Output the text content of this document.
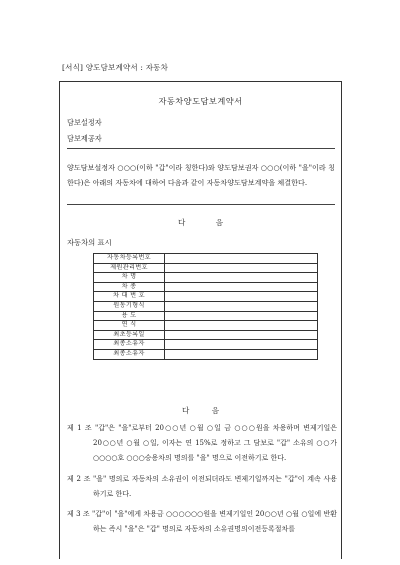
[서식] 양도담보계약서 : 자동차
자동차양도담보계약서
담보설정자
담보제공자
양도담보설정자 ○○○(이하 "갑"이라 칭한다)와 양도담보권자 ○○○(이하 "을"이라 칭한다)은 아래의 자동차에 대하여 다음과 같이 자동차양도담보계약을 체결한다.
다 음
자동차의 표시
자동차등록번호	
제원관리번호	
차 명	
차 종	
차 대 번 호	
원동기형식	
용 도	
연 식	
최초등록일	
최종소유자	
최종소유자	
다 음

제 1 조 "갑"은 "을"로부터 20○○년 ○월 ○일 금 ○○○원을 차용하며 변제기일은 20○○년 ○월 ○일, 이자는 연 15%로 정하고 그 담보로 "갑" 소유의 ○○가○○○○호 ○○○승용차의 명의를 "을" 명으로 이전하기로 한다.

제 2 조 "을" 명의로 자동차의 소유권이 이전되더라도 변제기일까지는 "갑"이 계속 사용하기로 한다.

제 3 조 "갑"이 "을"에게 차용금 ○○○○○○원을 변제기일인 20○○년 ○월 ○일에 반환하는 즉시 "을"은 "갑" 명의로 자동차의 소유권명의이전등록절차를
